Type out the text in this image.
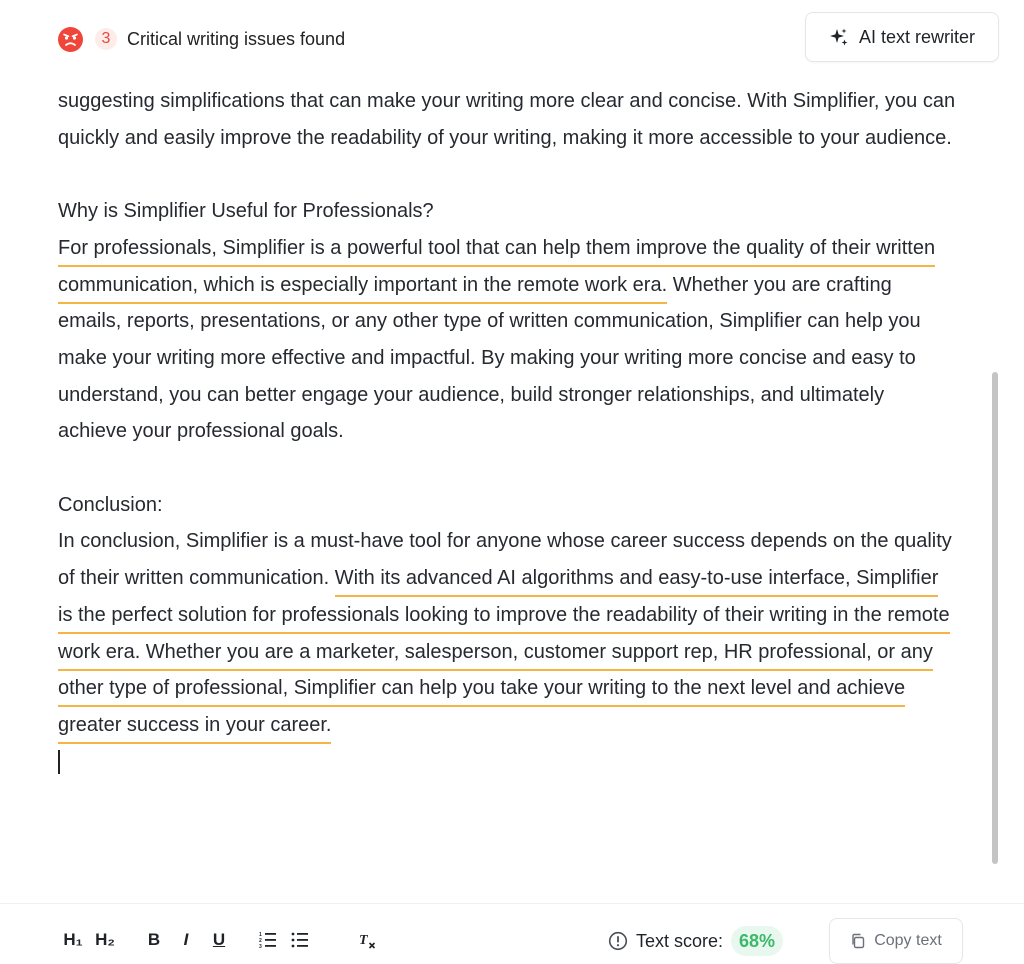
3 Critical writing issues found	AI text rewriter

suggesting simplifications that can make your writing more clear and concise. With Simplifier, you can quickly and easily improve the readability of your writing, making it more accessible to your audience.

Why is Simplifier Useful for Professionals?

For professionals, Simplifier is a powerful tool that can help them improve the quality of their written communication, which is especially important in the remote work era. Whether you are crafting emails, reports, presentations, or any other type of written communication, Simplifier can help you make your writing more effective and impactful. By making your writing more concise and easy to understand, you can better engage your audience, build stronger relationships, and ultimately achieve your professional goals.

Conclusion:

In conclusion, Simplifier is a must-have tool for anyone whose career success depends on the quality of their written communication. With its advanced AI algorithms and easy-to-use interface, Simplifier is the perfect solution for professionals looking to improve the readability of their writing in the remote work era. Whether you are a marketer, salesperson, customer support rep, HR professional, or any other type of professional, Simplifier can help you take your writing to the next level and achieve greater success in your career.

H₁ H₂ B I U	1
2
3	T	Text score: 68%	Copy text
